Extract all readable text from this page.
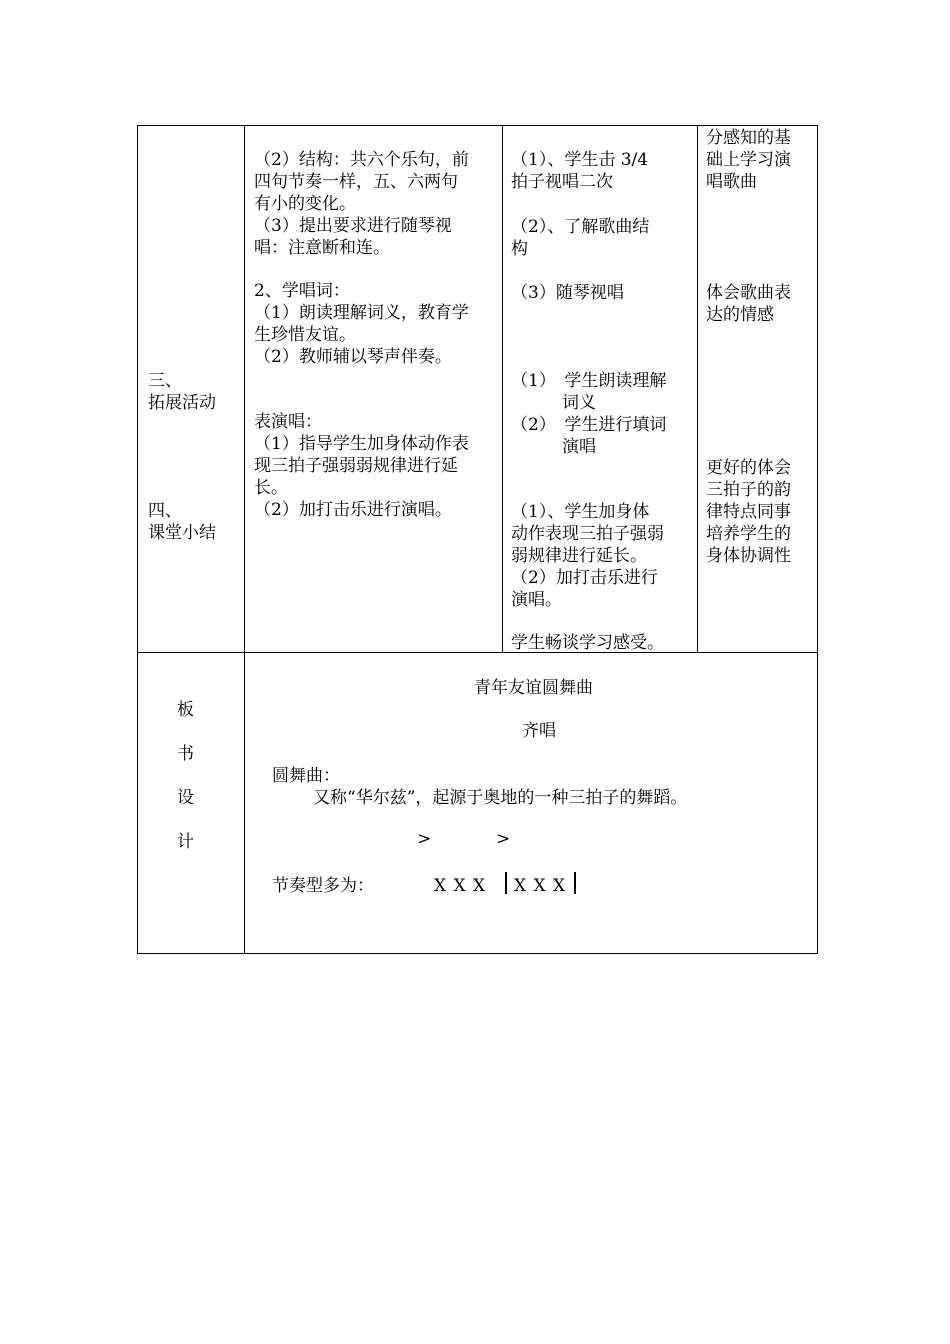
三、
拓展活动
四、
课堂小结
（2）结构：共六个乐句，前
四句节奏一样，五、六两句
有小的变化。
（3）提出要求进行随琴视
唱：注意断和连。
2、学唱词：
（1）朗读理解词义，教育学
生珍惜友谊。
（2）教师辅以琴声伴奏。
表演唱：
（1）指导学生加身体动作表
现三拍子强弱弱规律进行延
长。
（2）加打击乐进行演唱。
（1）、学生击 3/4
拍子视唱二次
（2）、了解歌曲结
构
（3）随琴视唱
（1）　学生朗读理解
　　　词义
（2）　学生进行填词
　　　演唱
（1）、学生加身体
动作表现三拍子强弱
弱规律进行延长。
（2）加打击乐进行
演唱。
学生畅谈学习感受。
分感知的基
础上学习演
唱歌曲
体会歌曲表
达的情感
更好的体会
三拍子的韵
律特点同事
培养学生的
身体协调性
板
书
设
计
青年友谊圆舞曲
齐唱
圆舞曲：
又称“华尔兹”，起源于奥地的一种三拍子的舞蹈。
>	>
节奏型多为：	X X X X X X
